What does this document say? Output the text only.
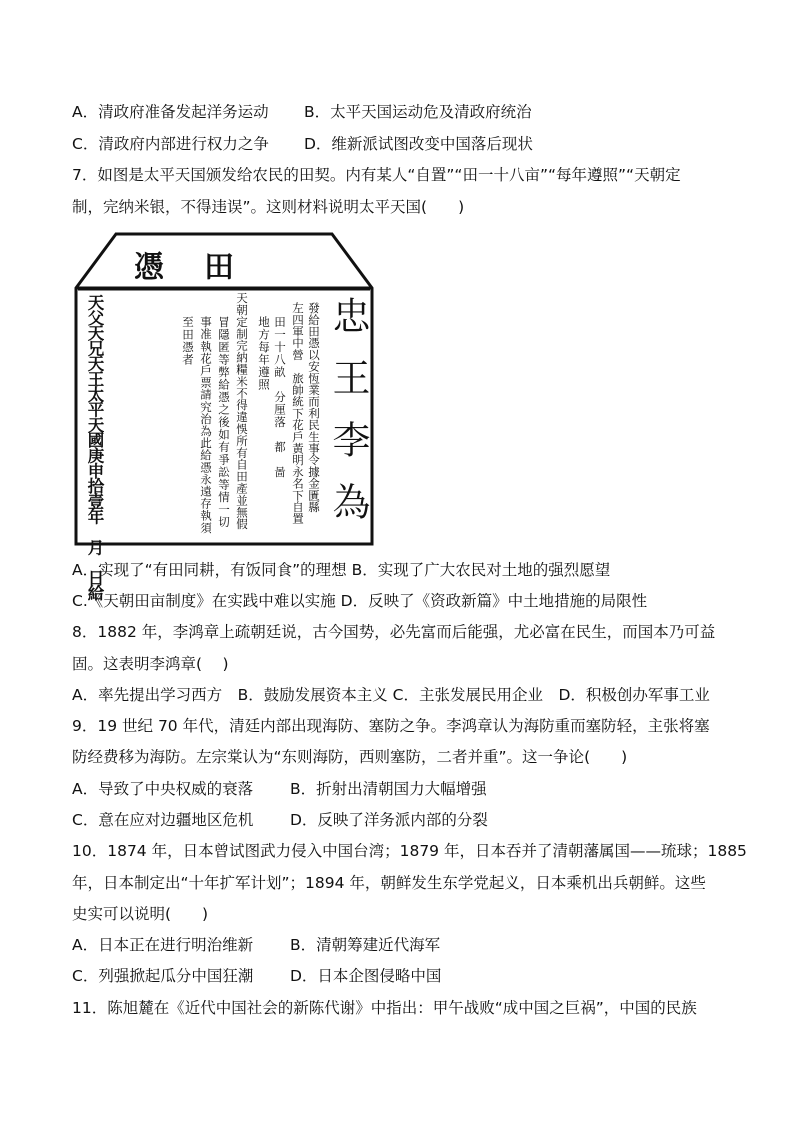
A．清政府准备发起洋务运动 B．太平天国运动危及清政府统治
C．清政府内部进行权力之争 D．维新派试图改变中国落后现状
7．如图是太平天国颁发给农民的田契。内有某人“自置”“田一十八亩”“每年遵照”“天朝定
制，完纳米银，不得违误”。这则材料说明太平天国(　　)
憑 田
忠王李為
發給田憑以安恆業而利民生事令據金匱縣
左四軍中營　旅帥統下花戶黃明永名下自置
田一十八畝　分厘落　都　啚
地方每年遵照
天朝定制完納糧米不得違悞所有自田產並無假
冒隱匿等弊給憑之後如有爭訟等情一切
事准執花戶票請究治為此給憑永遠存執須
至田憑者
天父天兄天王太平天國庚申拾壹年　月　日給
A．实现了“有田同耕，有饭同食”的理想 B．实现了广大农民对土地的强烈愿望
C.《天朝田亩制度》在实践中难以实施 D．反映了《资政新篇》中土地措施的局限性
8．1882 年，李鸿章上疏朝廷说，古今国势，必先富而后能强，尤必富在民生，而国本乃可益
固。这表明李鸿章(　 )
A．率先提出学习西方　B．鼓励发展资本主义 C．主张发展民用企业　D．积极创办军事工业
9．19 世纪 70 年代，清廷内部出现海防、塞防之争。李鸿章认为海防重而塞防轻，主张将塞
防经费移为海防。左宗棠认为“东则海防，西则塞防，二者并重”。这一争论(　　)
A．导致了中央权威的衰落 B．折射出清朝国力大幅增强
C．意在应对边疆地区危机 D．反映了洋务派内部的分裂
10．1874 年，日本曾试图武力侵入中国台湾；1879 年，日本吞并了清朝藩属国——琉球；1885
年，日本制定出“十年扩军计划”；1894 年，朝鲜发生东学党起义，日本乘机出兵朝鲜。这些
史实可以说明(　　)
A．日本正在进行明治维新 B．清朝筹建近代海军
C．列强掀起瓜分中国狂潮 D．日本企图侵略中国
11．陈旭麓在《近代中国社会的新陈代谢》中指出：甲午战败“成中国之巨祸”，中国的民族
